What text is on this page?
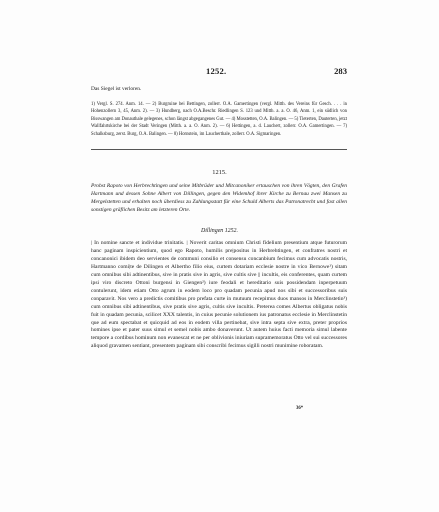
1252.	283
Das Siegel ist verloren.

1) Vergl. S. 274. Anm. 14. — 2) Burgruine bei Bettingen, zollerr. O.A. Gamertingen (vergl. Mitth. des Vereins für Gesch. . . . in Hohenzollern 3, 45, Anm. 2). — 3) Hundberg, nach O.A.Beschr. Riedlingen S. 123 und Mitth. a. a. O. 46, Anm. 1, ein südlich von Bisswangen am Donauthale gelegenes, schon längst abgegangenes Gut. — 4) Mosstetten, O.A. Balingen. — 5) Tieterten, Dauterten, jetzt Wallfahrtskirche bei der Stadt Veringen (Mitth. a. a. O. Anm. 2). — 6) Hettingen, a. d. Lauchert, zollerr. O.A. Gamertingen. — 7) Schalksburg, zerst. Burg, O.A. Balingen. — 8) Hornstein, im Laucherthale, zollerr. O.A. Sigmaringen.

1215.

Probst Rapoto von Herbrechtingen und seine Mitbrüder und Mitcanoniker ertauschen von ihren Vögten, den Grafen Hartmann und dessen Sohne Albert von Dillingen, gegen den Widemhof ihrer Kirche zu Bernau zwei Mansen zu Mergelstetten und erhalten noch überdiess zu Zahlungsstatt für eine Schuld Alberts das Patronatrecht und fast allen sonstigen gräflichen Besitz am letzteren Orte.

Dillingen 1252.

| In nomine sancte et individue trinitatis. | Noverit caritas omnium Christi fidelium presentium atque futurorum hanc paginam inspicientium, quod ego Rapoto, humilis pre|positus in Herbrehtingen, et confratres nostri et concanonici ibidem deo servientes de communi consilio et consensu concanbium fecimus cum advocatis nostris, Hartmanno comi|te de Dilingen et Albertho filio eius, curtem dotariam ecclesie nostre in vico Bernowe¹) sitam cum omnibus sibi adtinentibus, sive in pratis sive in agris, sive cultis sive || incultis, eis conferentes, quam curtem ipsi viro discreto Ottoni burgensi in Giengen²) iure feodali et hereditario suis possidendam inperpetuum contulerunt, idem etiam Otto agrum in eodem loco pro quadam pecunia apud nos sibi et successoribus suis conparavit. Nos vero a predictis comitibus pro prefata curte in mutuum recepimus duos mansos in Merclinstetin³) cum omnibus sibi adtinentibus, sive pratis sive agris, cultis sive incultis. Preterea comes Albertus obligatus nobis fuit in quadam pecunia, scilicet XXX talentis, in cuius pecunie solutionem ius patronatus ecclesie in Merclinstetin que ad eum spectabat et quicquid ad eos in eodem villa pertinebat, sive intra septa sive extra, preter proprios homines ipse et pater suus simul et semel nobis ambo donaverunt. Ut autem huius facti memoria simul labente tempore a cordibus hominum non evanescat et ne per oblivionis iniuriam supramemoratus Otto vel sui successores aliquod gravamen sentiant, presentem paginam sibi conscribi fecimus sigilli nostri munimine roboratam.

36*
